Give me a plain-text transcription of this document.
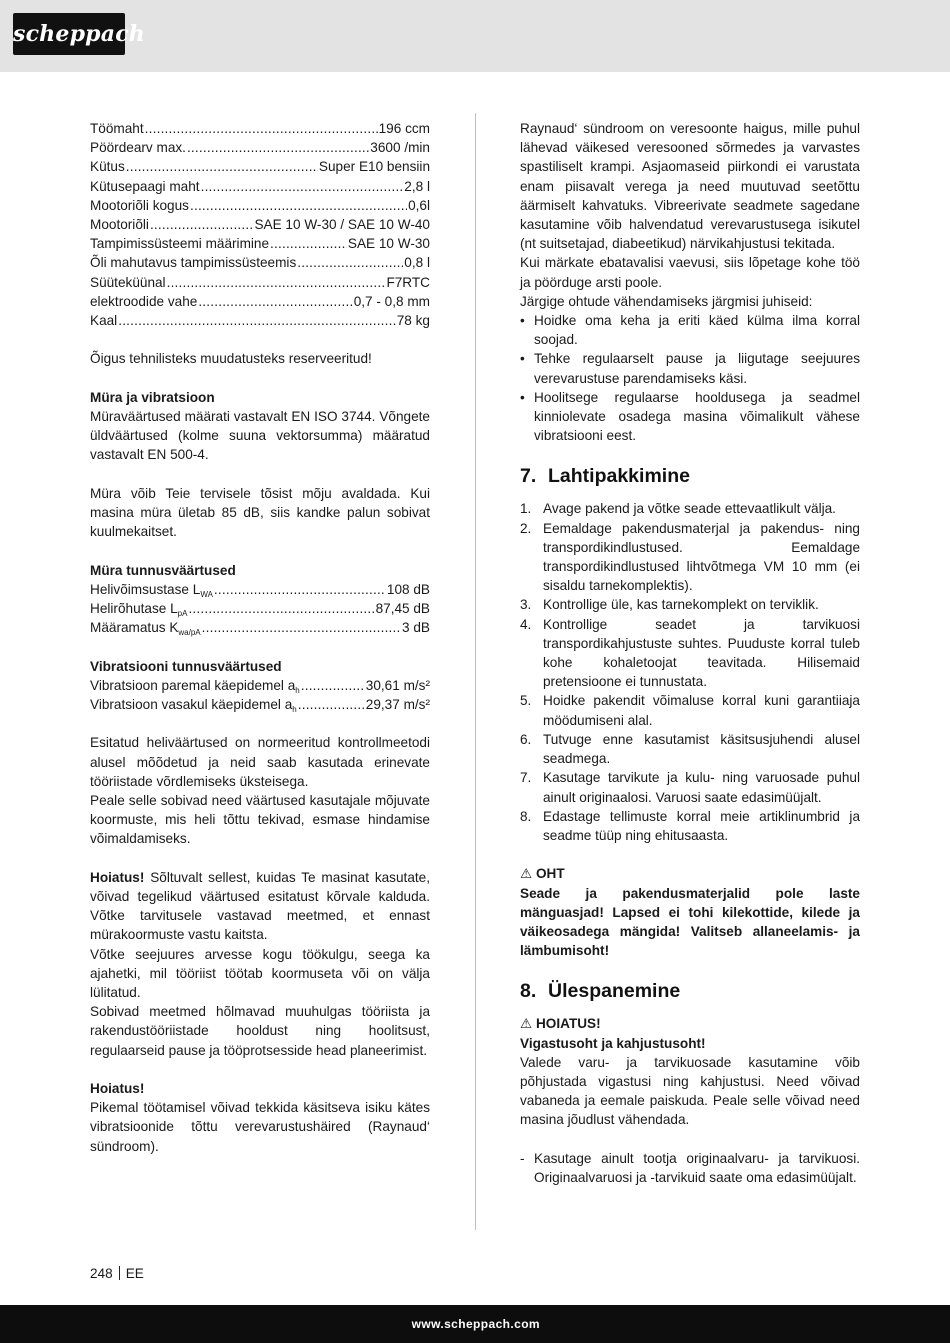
scheppach
Töömaht .....	196 ccm
Pöördearv max. .....	3600 /min
Kütus .....	Super E10 bensiin
Kütusepaagi maht .....	2,8 l
Mootoriõli kogus .....	0,6l
Mootoriõli .....	SAE 10 W-30 / SAE 10 W-40
Tampimissüsteemi määrimine .....	SAE 10 W-30
Õli mahutavus tampimissüsteemis .....	0,8 l
Süüteküünal .....	F7RTC
elektroodide vahe .....	0,7 - 0,8 mm
Kaal .....	78 kg

Õigus tehnilisteks muudatusteks reserveeritud!

Müra ja vibratsioon

Müraväärtused määrati vastavalt EN ISO 3744. Võngete üldväärtused (kolme suuna vektorsumma) määratud vastavalt EN 500-4.

Müra võib Teie tervisele tõsist mõju avaldada. Kui masina müra ületab 85 dB, siis kandke palun sobivat kuulmekaitset.

Müra tunnusväärtused

Helivõimsustase $L_{WA}$ .....	108 dB
Helirõhutase $L_{pA}$ .....	87,45 dB
Määramatus $K_{wa/pA}$ .....	3 dB

Vibratsiooni tunnusväärtused

Vibratsioon paremal käepidemel $a_h$ .....	30,61 m/s²
Vibratsioon vasakul käepidemel $a_h$ .....	29,37 m/s²

Esitatud heliväärtused on normeeritud kontrollmeetodi alusel mõõdetud ja neid saab kasutada erinevate tööriistade võrdlemiseks üksteisega.

Peale selle sobivad need väärtused kasutajale mõjuvate koormuste, mis heli tõttu tekivad, esmase hindamise võimaldamiseks.

Hoiatus! Sõltuvalt sellest, kuidas Te masinat kasutate, võivad tegelikud väärtused esitatust kõrvale kalduda. Võtke tarvitusele vastavad meetmed, et ennast mürakoormuste vastu kaitsta.

Võtke seejuures arvesse kogu töökulgu, seega ka ajahetki, mil tööriist töötab koormuseta või on välja lülitatud.

Sobivad meetmed hõlmavad muuhulgas tööriista ja rakendustööriistade hooldust ning hoolitsust, regulaarseid pause ja tööprotsesside head planeerimist.

Hoiatus!

Pikemal töötamisel võivad tekkida käsitseva isiku kätes vibratsioonide tõttu verevarustushäired (Raynaud‘ sündroom).

Raynaud‘ sündroom on veresoonte haigus, mille puhul lähevad väikesed veresooned sõrmedes ja varvastes spastiliselt krampi. Asjaomaseid piirkondi ei varustata enam piisavalt verega ja need muutuvad seetõttu äärmiselt kahvatuks. Vibreerivate seadmete sagedane kasutamine võib halvendatud verevarustusega isikutel (nt suitsetajad, diabeetikud) närvikahjustusi tekitada.

Kui märkate ebatavalisi vaevusi, siis lõpetage kohe töö ja pöörduge arsti poole.

Järgige ohtude vähendamiseks järgmisi juhiseid:

• Hoidke oma keha ja eriti käed külma ilma korral soojad.
• Tehke regulaarselt pause ja liigutage seejuures verevarustuse parendamiseks käsi.
• Hoolitsege regulaarse hooldusega ja seadmel kinniolevate osadega masina võimalikult vähese vibratsiooni eest.
7. Lahtipakkimine
1. Avage pakend ja võtke seade ettevaatlikult välja.
2. Eemaldage pakendusmaterjal ja pakendus- ning transpordikindlustused. Eemaldage transpordikindlustused lihtvõtmega VM 10 mm (ei sisaldu tarnekomplektis).
3. Kontrollige üle, kas tarnekomplekt on terviklik.
4. Kontrollige seadet ja tarvikuosi transpordikahjustuste suhtes. Puuduste korral tuleb kohe kohaletoojat teavitada. Hilisemaid pretensioone ei tunnustata.
5. Hoidke pakendit võimaluse korral kuni garantiiaja möödumiseni alal.
6. Tutvuge enne kasutamist käsitsusjuhendi alusel seadmega.
7. Kasutage tarvikute ja kulu- ning varuosade puhul ainult originaalosi. Varuosi saate edasimüüjalt.
8. Edastage tellimuste korral meie artiklinumbrid ja seadme tüüp ning ehitusaasta.

⚠ OHT

Seade ja pakendusmaterjalid pole laste mänguasjad! Lapsed ei tohi kilekottide, kilede ja väikeosadega mängida! Valitseb allaneelamis- ja lämbumisoht!

8. Ülespanemine

⚠ HOIATUS!

Vigastusoht ja kahjustusoht!

Valede varu- ja tarvikuosade kasutamine võib põhjustada vigastusi ning kahjustusi. Need võivad vabaneda ja eemale paiskuda. Peale selle võivad need masina jõudlust vähendada.

- Kasutage ainult tootja originaalvaru- ja tarvikuosi. Originaalvaruosi ja -tarvikuid saate oma edasimüüjalt.
248 EE
www.scheppach.com
